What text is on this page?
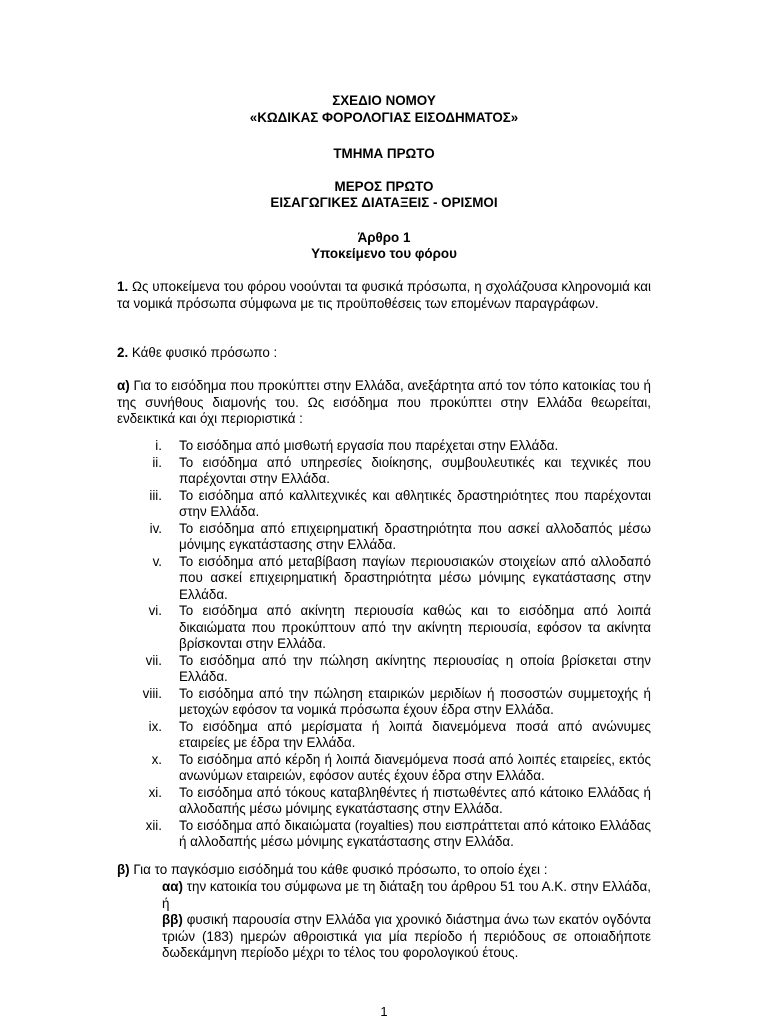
ΣΧΕΔΙΟ ΝΟΜΟΥ
«ΚΩΔΙΚΑΣ ΦΟΡΟΛΟΓΙΑΣ ΕΙΣΟΔΗΜΑΤΟΣ»
ΤΜΗΜΑ ΠΡΩΤΟ
ΜΕΡΟΣ ΠΡΩΤΟ
ΕΙΣΑΓΩΓΙΚΕΣ ΔΙΑΤΑΞΕΙΣ - ΟΡΙΣΜΟΙ
Άρθρο 1
Υποκείμενο του φόρου
1. Ως υποκείμενα του φόρου νοούνται τα φυσικά πρόσωπα, η σχολάζουσα κληρονομιά και τα νομικά πρόσωπα σύμφωνα με τις προϋποθέσεις των επομένων παραγράφων.
2. Κάθε φυσικό πρόσωπο :
α) Για το εισόδημα που προκύπτει στην Ελλάδα, ανεξάρτητα από τον τόπο κατοικίας του ή της συνήθους διαμονής του. Ως εισόδημα που προκύπτει στην Ελλάδα θεωρείται, ενδεικτικά και όχι περιοριστικά :
i.	Το εισόδημα από μισθωτή εργασία που παρέχεται στην Ελλάδα.
ii.	Το εισόδημα από υπηρεσίες διοίκησης, συμβουλευτικές και τεχνικές που παρέχονται στην Ελλάδα.
iii.	Το εισόδημα από καλλιτεχνικές και αθλητικές δραστηριότητες που παρέχονται στην Ελλάδα.
iv.	Το εισόδημα από επιχειρηματική δραστηριότητα που ασκεί αλλοδαπός μέσω μόνιμης εγκατάστασης στην Ελλάδα.
v.	Το εισόδημα από μεταβίβαση παγίων περιουσιακών στοιχείων από αλλοδαπό που ασκεί επιχειρηματική δραστηριότητα μέσω μόνιμης εγκατάστασης στην Ελλάδα.
vi.	Το εισόδημα από ακίνητη περιουσία καθώς και το εισόδημα από λοιπά δικαιώματα που προκύπτουν από την ακίνητη περιουσία, εφόσον τα ακίνητα βρίσκονται στην Ελλάδα.
vii.	Το εισόδημα από την πώληση ακίνητης περιουσίας η οποία βρίσκεται στην Ελλάδα.
viii.	Το εισόδημα από την πώληση εταιρικών μεριδίων ή ποσοστών συμμετοχής ή μετοχών εφόσον τα νομικά πρόσωπα έχουν έδρα στην Ελλάδα.
ix.	Το εισόδημα από μερίσματα ή λοιπά διανεμόμενα ποσά από ανώνυμες εταιρείες με έδρα την Ελλάδα.
x.	Το εισόδημα από κέρδη ή λοιπά διανεμόμενα ποσά από λοιπές εταιρείες, εκτός ανωνύμων εταιρειών, εφόσον αυτές έχουν έδρα στην Ελλάδα.
xi.	Το εισόδημα από τόκους καταβληθέντες ή πιστωθέντες από κάτοικο Ελλάδας ή αλλοδαπής μέσω μόνιμης εγκατάστασης στην Ελλάδα.
xii.	Το εισόδημα από δικαιώματα (royalties) που εισπράττεται από κάτοικο Ελλάδας ή αλλοδαπής μέσω μόνιμης εγκατάστασης στην Ελλάδα.
β) Για το παγκόσμιο εισόδημά του κάθε φυσικό πρόσωπο, το οποίο έχει :
αα) την κατοικία του σύμφωνα με τη διάταξη του άρθρου 51 του Α.Κ. στην Ελλάδα, ή
ββ) φυσική παρουσία στην Ελλάδα για χρονικό διάστημα άνω των εκατόν ογδόντα τριών (183) ημερών αθροιστικά για μία περίοδο ή περιόδους σε οποιαδήποτε δωδεκάμηνη περίοδο μέχρι το τέλος του φορολογικού έτους.
1
